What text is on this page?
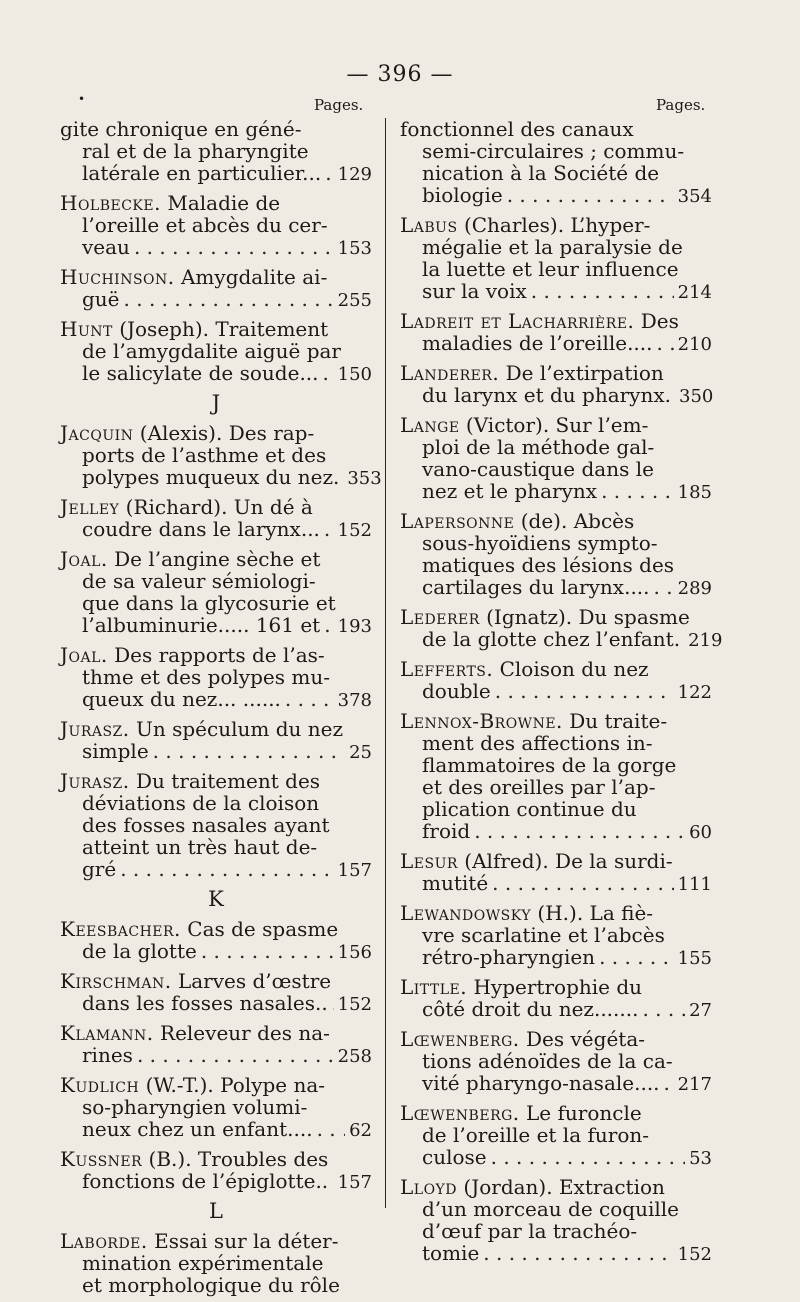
— 396 —
•	Pages.	Pages.
gite chronique en géné-
ral et de la pharyngite
latérale en particulier... . . . 129
Holbecke.
Maladie de
l’oreille et abcès du cer-
veau . . .	153
Huchinson.
Amygdalite ai-
guë . . .	255
Hunt
(Joseph). Traitement
de l’amygdalite aiguë par
le salicylate de soude... . . . 150
J
Jacquin
(Alexis). Des rap-
ports de l’asthme et des
polypes muqueux du nez. 353
Jelley
(Richard). Un dé à
coudre dans le larynx... . . . 152
Joal.
De l’angine sèche et
de sa valeur sémiologi-
que dans la glycosurie et
l’albuminurie..... 161 et . . . 193
Joal.
Des rapports de l’as-
thme et des polypes mu-
queux du nez... ...... . . .	378
Jurasz.
Un spéculum du nez
simple . . .	25
Jurasz.
Du traitement des
déviations de la cloison
des fosses nasales ayant
atteint un très haut de-
gré . . .	157
K
Keesbacher.
Cas de spasme
de la glotte . . .	156
Kirschman.
Larves d’œstre
dans les fosses nasales.. . . . 152
Klamann.
Releveur des na-
rines . . .	258
Kudlich
(W.-T.). Polype na-
so-pharyngien volumi-
neux chez un enfant.... . . . 62
Kussner
(B.). Troubles des
fonctions de l’épiglotte.. . . . 157
L
Laborde.
Essai sur la déter-
mination expérimentale
et morphologique du rôle
fonctionnel des canaux
semi-circulaires ; commu-
nication à la Société de
biologie . . .	354
Labus
(Charles). L’hyper-
mégalie et la paralysie de
la luette et leur influence
sur la voix . . .	214
Ladreit et Lacharrière.
Des
maladies de l’oreille.... . . . 210
Landerer.
De l’extirpation
du larynx et du pharynx. 350
Lange
(Victor). Sur l’em-
ploi de la méthode gal-
vano-caustique dans le
nez et le pharynx . . .	185
Lapersonne
(de). Abcès
sous-hyoïdiens sympto-
matiques des lésions des
cartilages du larynx.... . . . 289
Lederer
(Ignatz). Du spasme
de la glotte chez l’enfant. 219
Lefferts.
Cloison du nez
double . . .	122
Lennox-Browne.
Du traite-
ment des affections in-
flammatoires de la gorge
et des oreilles par l’ap-
plication continue du
froid . . .	60
Lesur
(Alfred). De la surdi-
mutité . . .	111
Lewandowsky
(H.). La fiè-
vre scarlatine et l’abcès
rétro-pharyngien . . .	155
Little.
Hypertrophie du
côté droit du nez....... . . .	27
Lœwenberg.
Des végéta-
tions adénoïdes de la ca-
vité pharyngo-nasale.... . . . 217
Lœwenberg.
Le furoncle
de l’oreille et la furon-
culose . . .	53
Lloyd
(Jordan). Extraction
d’un morceau de coquille
d’œuf par la trachéo-
tomie . . .	152
